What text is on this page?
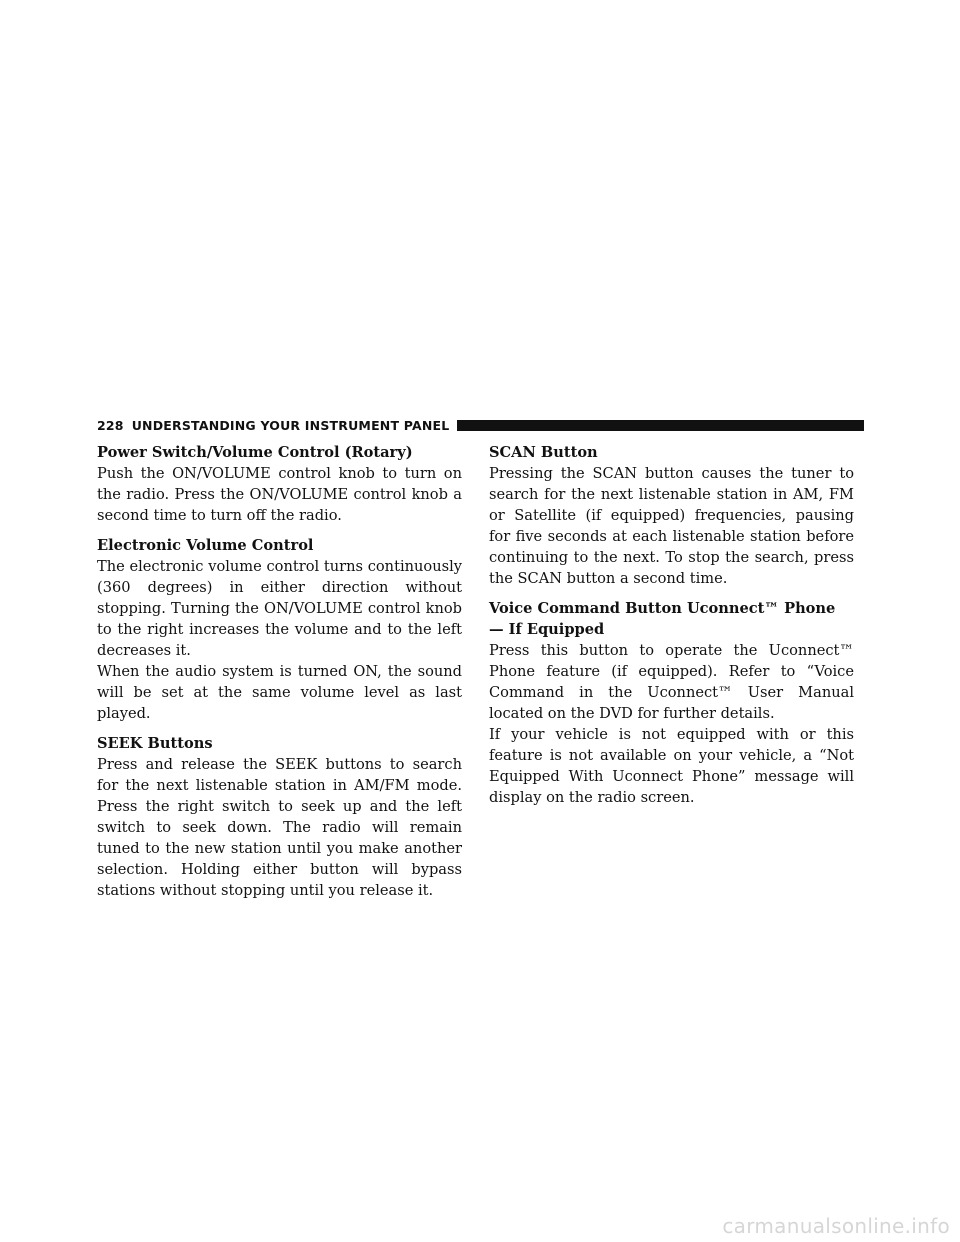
228 UNDERSTANDING YOUR INSTRUMENT PANEL
Power Switch/Volume Control (Rotary)

Push the ON/VOLUME control knob to turn on the radio. Press the ON/VOLUME control knob a second time to turn off the radio.

Electronic Volume Control

The electronic volume control turns continuously (360 degrees) in either direction without stopping. Turning the ON/VOLUME control knob to the right increases the volume and to the left decreases it.

When the audio system is turned ON, the sound will be set at the same volume level as last played.

SEEK Buttons

Press and release the SEEK buttons to search for the next listenable station in AM/FM mode. Press the right switch to seek up and the left switch to seek down. The radio will remain tuned to the new station until you make another selection. Holding either button will bypass stations without stopping until you release it.

SCAN Button

Pressing the SCAN button causes the tuner to search for the next listenable station in AM, FM or Satellite (if equipped) frequencies, pausing for five seconds at each listenable station before continuing to the next. To stop the search, press the SCAN button a second time.

Voice Command Button Uconnect™ Phone — If Equipped

Press this button to operate the Uconnect™ Phone feature (if equipped). Refer to “Voice Command in the Uconnect™ User Manual located on the DVD for further details.

If your vehicle is not equipped with or this feature is not available on your vehicle, a “Not Equipped With Uconnect Phone” message will display on the radio screen.

carmanualsonline.info
